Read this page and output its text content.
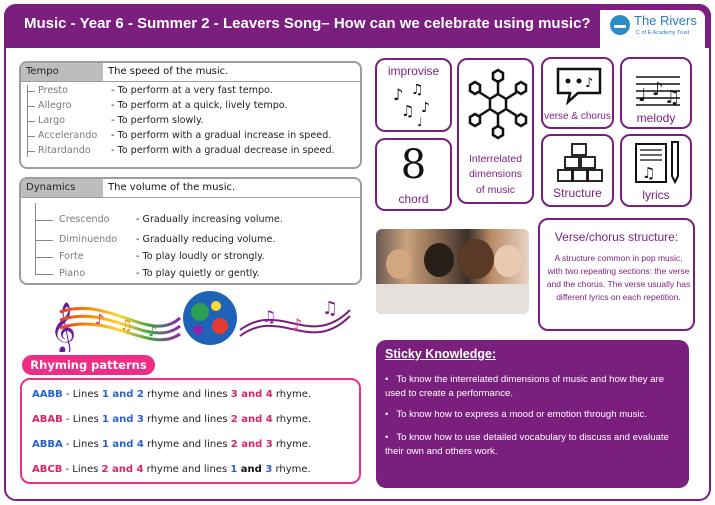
Music - Year 6 - Summer 2 - Leavers Song– How can we celebrate using music?	The Rivers
C of E Academy Trust
Tempo	The speed of the music.
Presto	- To perform at a very fast tempo.
Allegro	- To perform at a quick, lively tempo.
Largo	- To perform slowly.
Accelerando - To perform with a gradual increase in speed.
Ritardando - To perform with a gradual decrease in speed.
Dynamics	The volume of the music.
Crescendo	- Gradually increasing volume.
Diminuendo - Gradually reducing volume.
Forte	- To play loudly or strongly.
Piano	- To play quietly or gently.
𝄞 ♪ ♫ ♪
♫ ♪
♫
Rhyming patterns
AABB - Lines 1 and 2 rhyme and lines 3 and 4 rhyme.
ABAB - Lines 1 and 3 rhyme and lines 2 and 4 rhyme.
ABBA - Lines 1 and 4 rhyme and lines 2 and 3 rhyme.
ABCB - Lines 2 and 4 rhyme and lines 1 and 3 rhyme.
improvise
♪ ♫
♫ ♪
♩
Interrelated
dimensions
of music
♪
verse & chorus
♩ ♪ ♫
melody
8
chord	Structure
♫
lyrics
Verse/chorus structure:
A structure common in pop music, with two repeating sections: the verse and the chorus. The verse usually has different lyrics on each repetition.
Sticky Knowledge:
•   To know the interrelated dimensions of music and how they are used to create a performance.
•   To know how to express a mood or emotion through music.
•   To know how to use detailed vocabulary to discuss and evaluate their own and others work.
